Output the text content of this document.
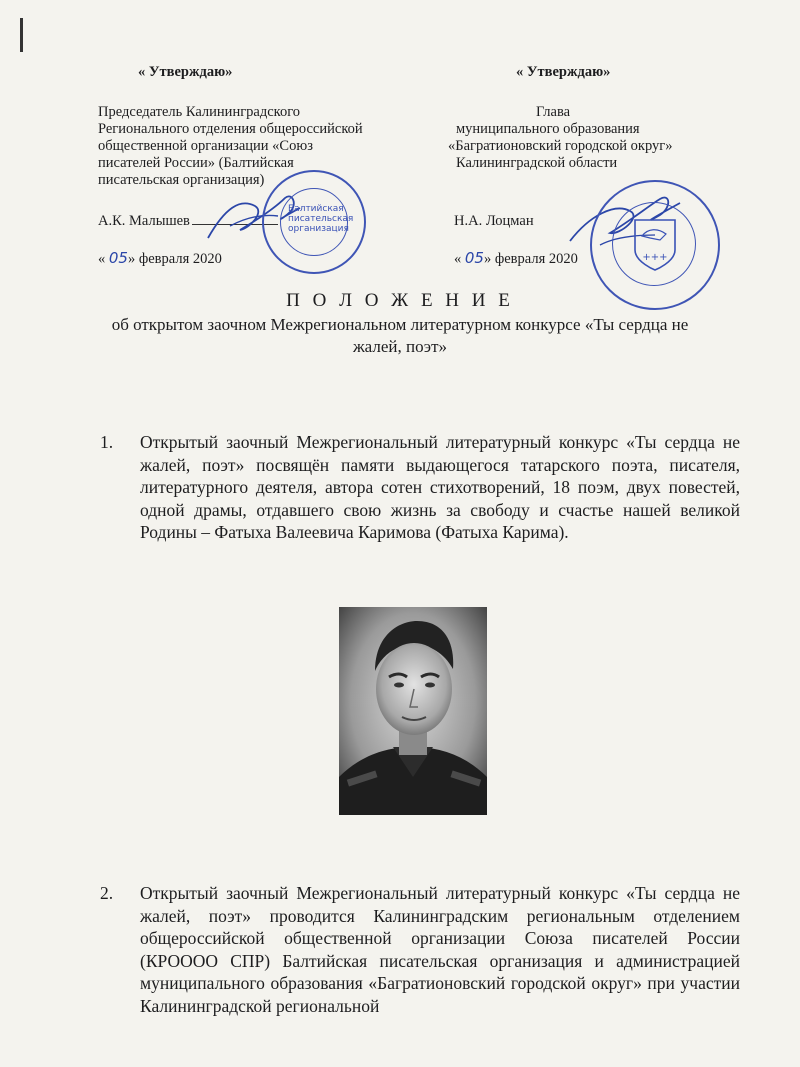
« Утверждаю»
Председатель Калининградского
Регионального отделения общероссийской
общественной организации «Союз
писателей России» (Балтийская
писательская организация)
А.К. Малышев
« 05» февраля 2020
« Утверждаю»
Глава
муниципального образования
«Багратионовский городской округ»
Калининградской области
Н.А. Лоцман
« 05» февраля 2020
Балтийская
писательская
организация
+++
П О Л О Ж Е Н И Е
об открытом заочном Межрегиональном литературном конкурсе «Ты сердца не жалей, поэт»
1. Открытый заочный Межрегиональный литературный конкурс «Ты сердца не жалей, поэт» посвящён памяти выдающегося татарского поэта, писателя, литературного деятеля, автора сотен стихотворений, 18 поэм, двух повестей, одной драмы, отдавшего свою жизнь за свободу и счастье нашей великой Родины – Фатыха Валеевича Каримова (Фатыха Карима).
2. Открытый заочный Межрегиональный литературный конкурс «Ты сердца не жалей, поэт» проводится Калининградским региональным отделением общероссийской общественной организации Союза писателей России (КРОООО СПР) Балтийская писательская организация и администрацией муниципального образования «Багратионовский городской округ» при участии Калининградской региональной
